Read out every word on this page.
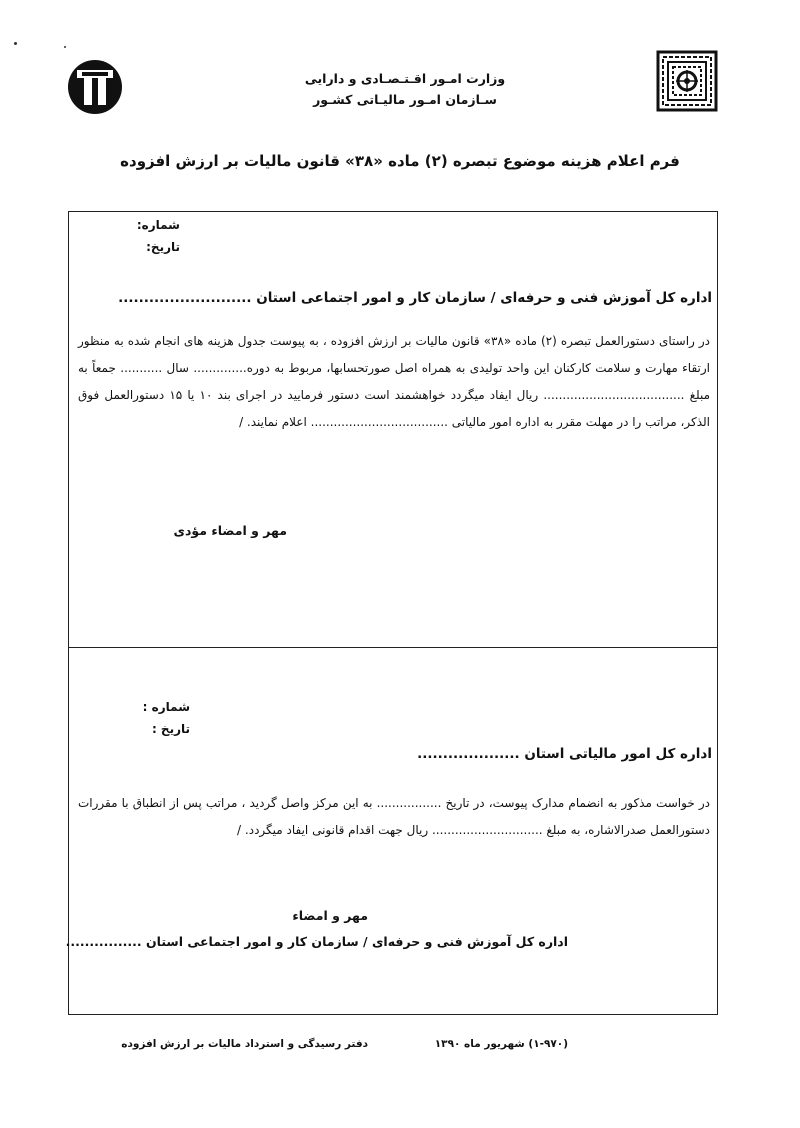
وزارت امـور اقـتـصـادی و دارایی
سـازمان امـور مالیـاتی کشـور
فرم اعلام هزینه موضوع تبصره (۲) ماده «۳۸» قانون مالیات بر ارزش افزوده
شماره:
تاریخ:
اداره کل آموزش فنی و حرفه‌ای / سازمان کار و امور اجتماعی استان ..........................
در راستای دستورالعمل تبصره (۲) ماده «۳۸» قانون مالیات بر ارزش افزوده ، به پیوست جدول هزینه های انجام شده به منظور ارتقاء مهارت و سلامت کارکنان این واحد تولیدی به همراه اصل صورتحسابها، مربوط به دوره.............. سال ........... جمعاً به مبلغ ..................................... ریال ایفاد میگردد خواهشمند است دستور فرمایید در اجرای بند ۱۰ یا ۱۵ دستورالعمل فوق الذکر، مراتب را در مهلت مقرر به اداره امور مالیاتی .................................... اعلام نمایند. /
مهر و امضاء مؤدی
شماره :
تاریخ :
اداره کل امور مالیاتی استان ....................
در خواست مذکور به انضمام مدارک پیوست، در تاریخ ................. به این مرکز واصل گردید ، مراتب پس از انطباق با مقررات دستورالعمل صدرالاشاره، به مبلغ ............................. ریال جهت اقدام قانونی ایفاد میگردد. /
مهر و امضاء
اداره کل آموزش فنی و حرفه‌ای / سازمان کار و امور اجتماعی استان ................
(۱-۹۷۰) شهریور ماه ۱۳۹۰
دفتر رسیدگی و استرداد مالیات بر ارزش افزوده
